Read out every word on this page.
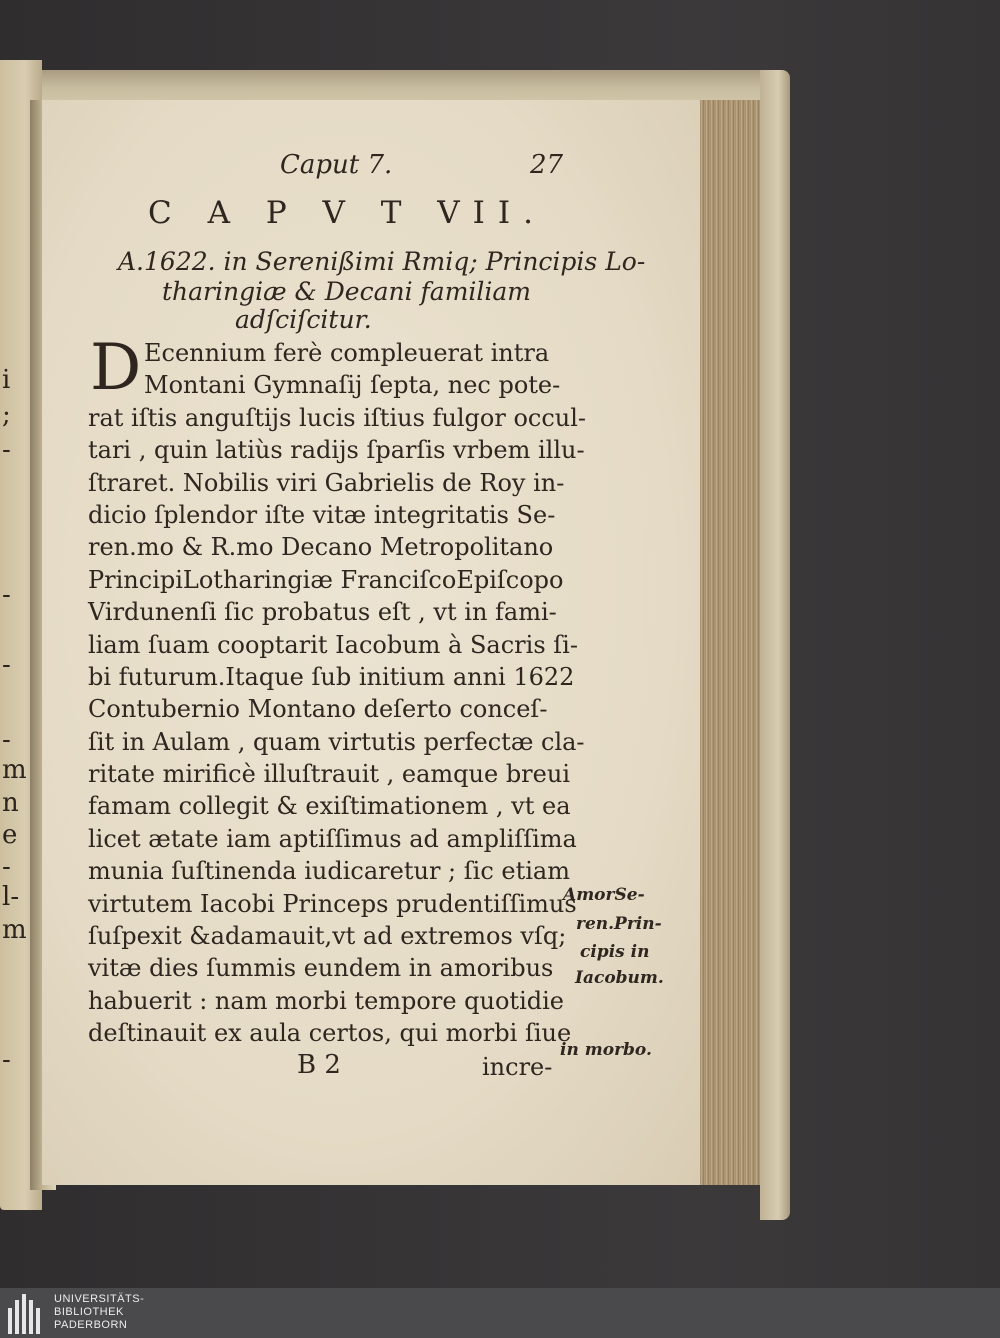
i
;
-
-
-
-
m
n
e
-
l-
m
-

Caput 7.	27

C A P V T VII.

A.1622. in Serenißimi Rmiq; Principis Lo-

tharingiæ & Decani familiam

adſciſcitur.

D Ecennium ferè compleuerat intra
Montani Gymnaſij ſepta, nec pote-
rat iſtis anguſtijs lucis iſtius fulgor occul-
tari , quin latiùs radijs ſparſis vrbem illu-
ſtraret. Nobilis viri Gabrielis de Roy in-
dicio ſplendor iſte vitæ integritatis Se-
ren.mo & R.mo Decano Metropolitano
PrincipiLotharingiæ FranciſcoEpiſcopo
Virdunenſi ſic probatus eſt , vt in fami-
liam ſuam cooptarit Iacobum à Sacris ſi-
bi futurum.Itaque ſub initium anni 1622
Contubernio Montano deſerto conceſ-
ſit in Aulam , quam virtutis perfectæ cla-
ritate mirificè illuſtrauit , eamque breui
famam collegit & exiſtimationem , vt ea
licet ætate iam aptiſſimus ad ampliſſima
munia ſuſtinenda iudicaretur ; ſic etiam
virtutem Iacobi Princeps prudentiſſimus
ſuſpexit &adamauit,vt ad extremos vſq;
vitæ dies ſummis eundem in amoribus
habuerit : nam morbi tempore quotidie
deſtinauit ex aula certos, qui morbi ſiue
AmorSe-
ren.Prin-
cipis in
Iacobum.
in morbo.

B 2	incre-

UNIVERSITÄTS-
BIBLIOTHEK
PADERBORN
